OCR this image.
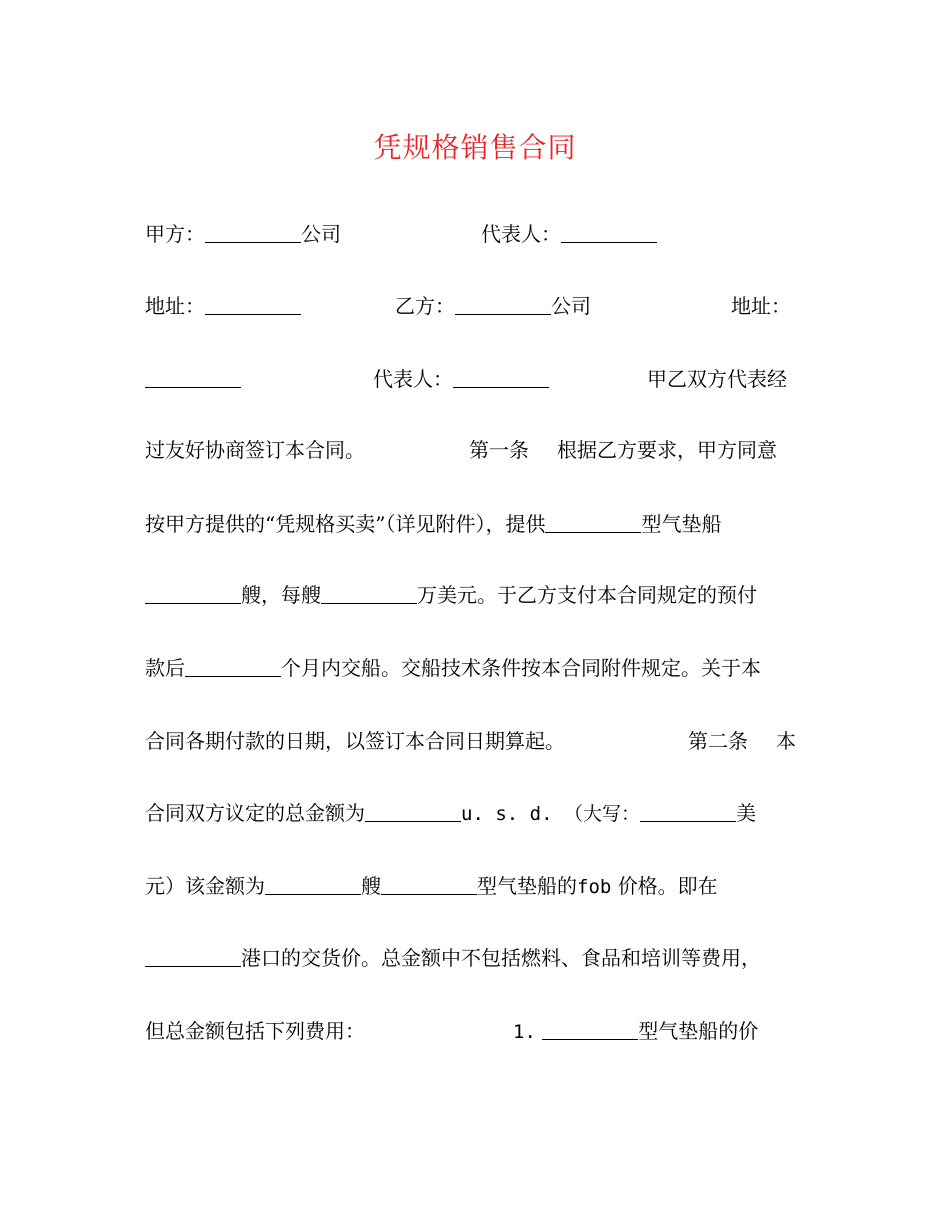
凭规格销售合同
甲方：	公司	代表人：
地址：	乙方：	公司	地址：
代表人：	甲乙双方代表经
过友好协商签订本合同。	第一条 根据乙方要求，甲方同意
按甲方提供的“凭规格买卖”（详见附件），提供	型气垫船
艘，每艘	万美元。于乙方支付本合同规定的预付
款后	个月内交船。交船技术条件按本合同附件规定。关于本
合同各期付款的日期，以签订本合同日期算起。	第二条 本
合同双方议定的总金额为	u. s. d. （大写：	美
元）该金额为	艘	型气垫船的fob 价格。即在
港口的交货价。总金额中不包括燃料、食品和培训等费用，
但总金额包括下列费用：	1.	型气垫船的价
